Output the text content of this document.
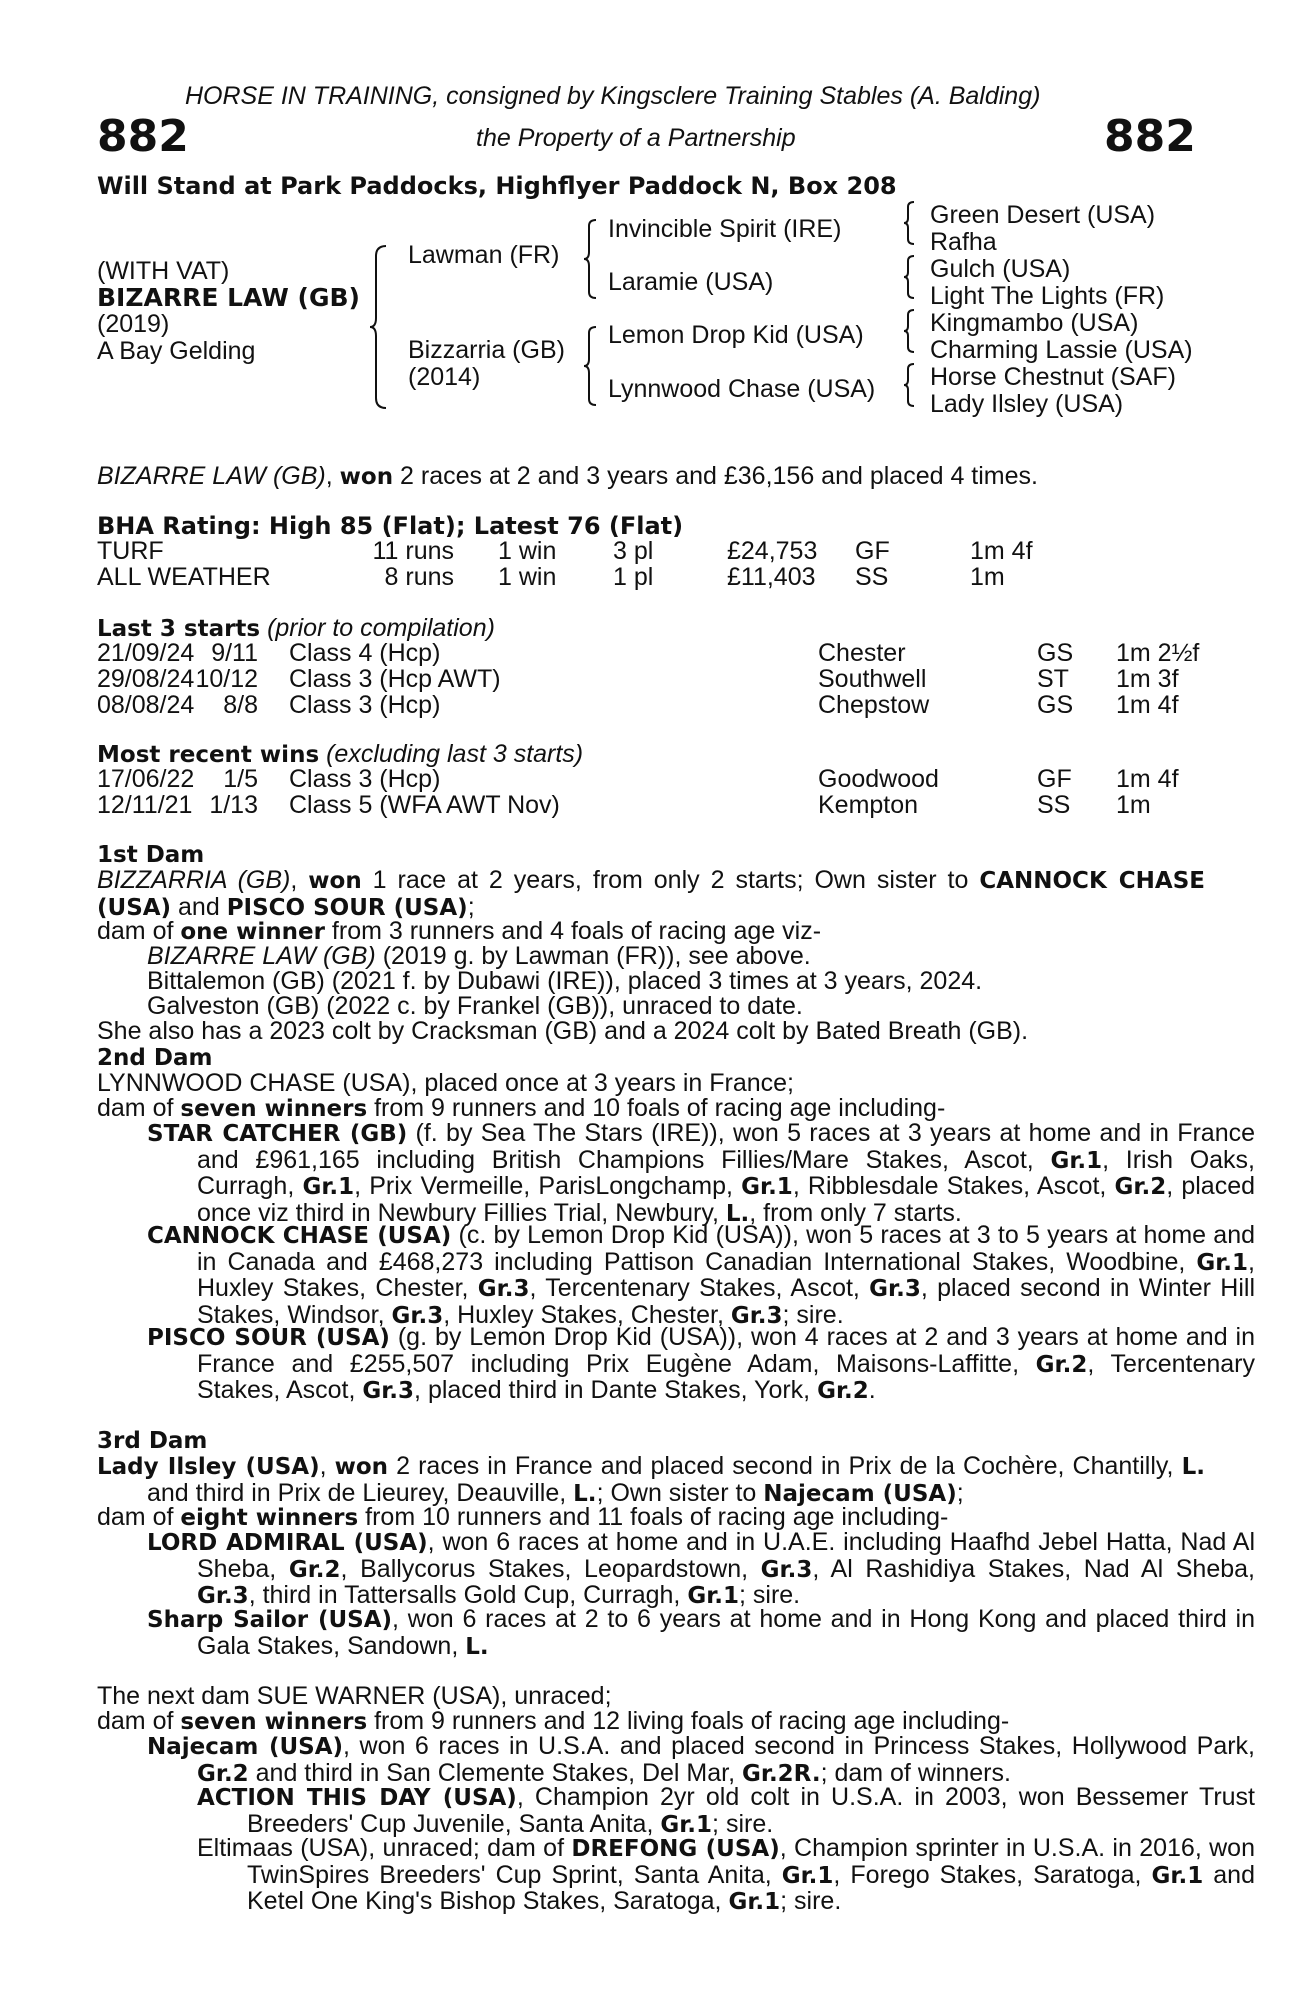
HORSE IN TRAINING, consigned by Kingsclere Training Stables (A. Balding)
882	the Property of a Partnership	882
Will Stand at Park Paddocks, Highflyer Paddock N, Box 208
(WITH VAT)
BIZARRE LAW (GB)
(2019)
A Bay Gelding
Lawman (FR)
Bizzarria (GB)
(2014)
Invincible Spirit (IRE)
Laramie (USA)
Lemon Drop Kid (USA)
Lynnwood Chase (USA)
Green Desert (USA)
Rafha
Gulch (USA)
Light The Lights (FR)
Kingmambo (USA)
Charming Lassie (USA)
Horse Chestnut (SAF)
Lady Ilsley (USA)
BIZARRE LAW (GB), won 2 races at 2 and 3 years and £36,156 and placed 4 times.
BHA Rating: High 85 (Flat); Latest 76 (Flat)
TURF	11 runs 1 win 3 pl	£24,753 GF	1m 4f
ALL WEATHER	8 runs 1 win 1 pl	£11,403 SS	1m
Last 3 starts (prior to compilation)
21/09/24 9/11 Class 4 (Hcp)	Chester	GS 1m 2½f
29/08/24 10/12 Class 3 (Hcp AWT)	Southwell	ST 1m 3f
08/08/24 8/8 Class 3 (Hcp)	Chepstow	GS 1m 4f
Most recent wins (excluding last 3 starts)
17/06/22 1/5 Class 3 (Hcp)	Goodwood	GF 1m 4f
12/11/21 1/13 Class 5 (WFA AWT Nov)	Kempton	SS 1m
1st Dam
BIZZARRIA (GB), won 1 race at 2 years, from only 2 starts; Own sister to CANNOCK CHASE (USA) and PISCO SOUR (USA);
dam of one winner from 3 runners and 4 foals of racing age viz-
BIZARRE LAW (GB) (2019 g. by Lawman (FR)), see above.
Bittalemon (GB) (2021 f. by Dubawi (IRE)), placed 3 times at 3 years, 2024.
Galveston (GB) (2022 c. by Frankel (GB)), unraced to date.
She also has a 2023 colt by Cracksman (GB) and a 2024 colt by Bated Breath (GB).
2nd Dam
LYNNWOOD CHASE (USA), placed once at 3 years in France;
dam of seven winners from 9 runners and 10 foals of racing age including-
STAR CATCHER (GB) (f. by Sea The Stars (IRE)), won 5 races at 3 years at home and in France and £961,165 including British Champions Fillies/Mare Stakes, Ascot, Gr.1, Irish Oaks, Curragh, Gr.1, Prix Vermeille, ParisLongchamp, Gr.1, Ribblesdale Stakes, Ascot, Gr.2, placed once viz third in Newbury Fillies Trial, Newbury, L., from only 7 starts.
CANNOCK CHASE (USA) (c. by Lemon Drop Kid (USA)), won 5 races at 3 to 5 years at home and in Canada and £468,273 including Pattison Canadian International Stakes, Woodbine, Gr.1, Huxley Stakes, Chester, Gr.3, Tercentenary Stakes, Ascot, Gr.3, placed second in Winter Hill Stakes, Windsor, Gr.3, Huxley Stakes, Chester, Gr.3; sire.
PISCO SOUR (USA) (g. by Lemon Drop Kid (USA)), won 4 races at 2 and 3 years at home and in France and £255,507 including Prix Eugène Adam, Maisons-Laffitte, Gr.2, Tercentenary Stakes, Ascot, Gr.3, placed third in Dante Stakes, York, Gr.2.
3rd Dam
Lady Ilsley (USA), won 2 races in France and placed second in Prix de la Cochère, Chantilly, L. and third in Prix de Lieurey, Deauville, L.; Own sister to Najecam (USA);
dam of eight winners from 10 runners and 11 foals of racing age including-
LORD ADMIRAL (USA), won 6 races at home and in U.A.E. including Haafhd Jebel Hatta, Nad Al Sheba, Gr.2, Ballycorus Stakes, Leopardstown, Gr.3, Al Rashidiya Stakes, Nad Al Sheba, Gr.3, third in Tattersalls Gold Cup, Curragh, Gr.1; sire.
Sharp Sailor (USA), won 6 races at 2 to 6 years at home and in Hong Kong and placed third in Gala Stakes, Sandown, L.
The next dam SUE WARNER (USA), unraced;
dam of seven winners from 9 runners and 12 living foals of racing age including-
Najecam (USA), won 6 races in U.S.A. and placed second in Princess Stakes, Hollywood Park, Gr.2 and third in San Clemente Stakes, Del Mar, Gr.2R.; dam of winners.
ACTION THIS DAY (USA), Champion 2yr old colt in U.S.A. in 2003, won Bessemer Trust Breeders' Cup Juvenile, Santa Anita, Gr.1; sire.
Eltimaas (USA), unraced; dam of DREFONG (USA), Champion sprinter in U.S.A. in 2016, won TwinSpires Breeders' Cup Sprint, Santa Anita, Gr.1, Forego Stakes, Saratoga, Gr.1 and Ketel One King's Bishop Stakes, Saratoga, Gr.1; sire.
